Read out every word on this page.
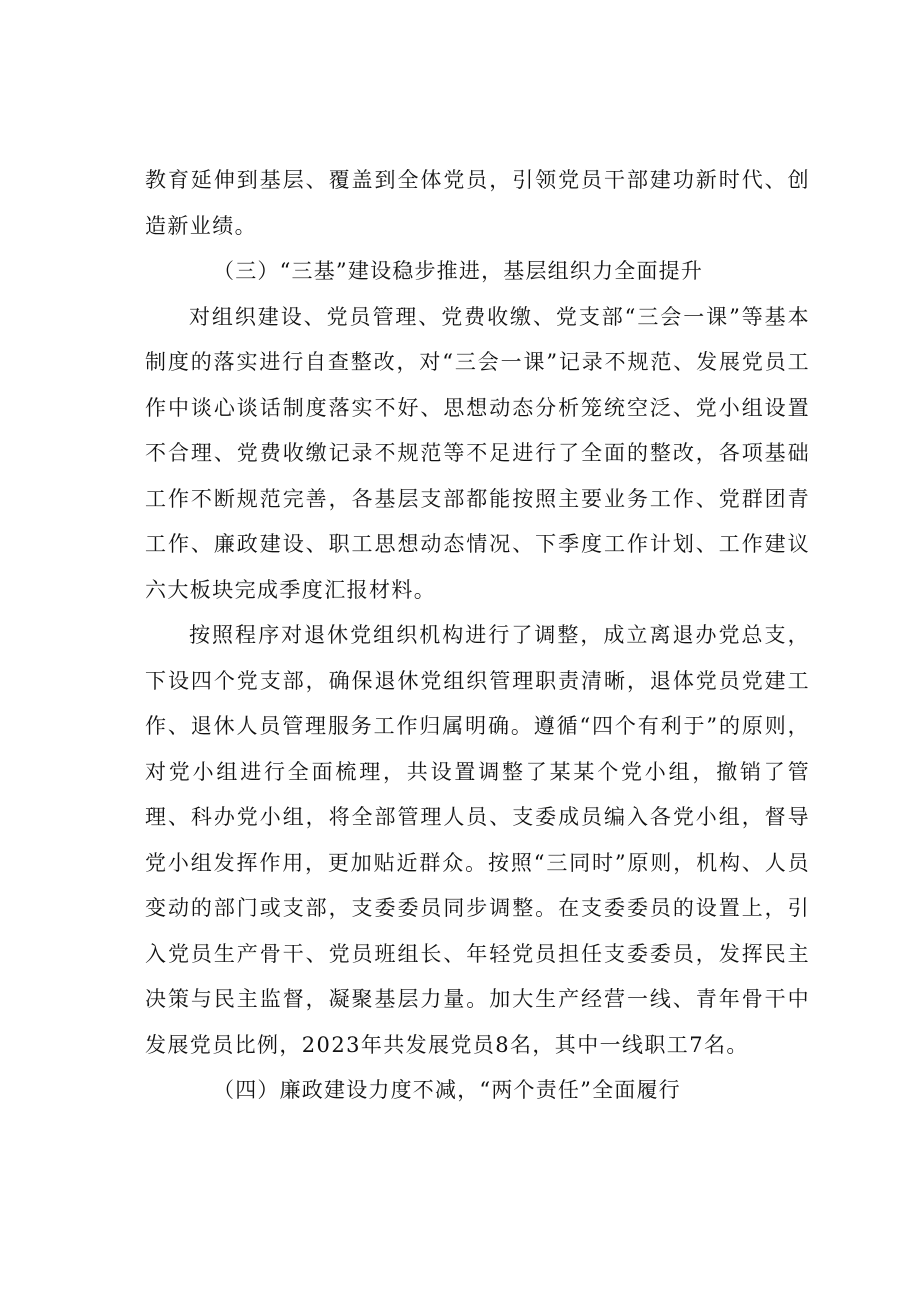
教育延伸到基层、覆盖到全体党员，引领党员干部建功新时代、创造新业绩。

（三）“三基”建设稳步推进，基层组织力全面提升

对组织建设、党员管理、党费收缴、党支部“三会一课”等基本制度的落实进行自查整改，对“三会一课”记录不规范、发展党员工作中谈心谈话制度落实不好、思想动态分析笼统空泛、党小组设置不合理、党费收缴记录不规范等不足进行了全面的整改，各项基础工作不断规范完善，各基层支部都能按照主要业务工作、党群团青工作、廉政建设、职工思想动态情况、下季度工作计划、工作建议六大板块完成季度汇报材料。

按照程序对退休党组织机构进行了调整，成立离退办党总支，下设四个党支部，确保退休党组织管理职责清晰，退体党员党建工作、退休人员管理服务工作归属明确。遵循“四个有利于”的原则，对党小组进行全面梳理，共设置调整了某某个党小组，撤销了管理、科办党小组，将全部管理人员、支委成员编入各党小组，督导党小组发挥作用，更加贴近群众。按照“三同时”原则，机构、人员变动的部门或支部，支委委员同步调整。在支委委员的设置上，引入党员生产骨干、党员班组长、年轻党员担任支委委员，发挥民主决策与民主监督，凝聚基层力量。加大生产经营一线、青年骨干中发展党员比例，2023年共发展党员8名，其中一线职工7名。

（四）廉政建设力度不减，“两个责任”全面履行
